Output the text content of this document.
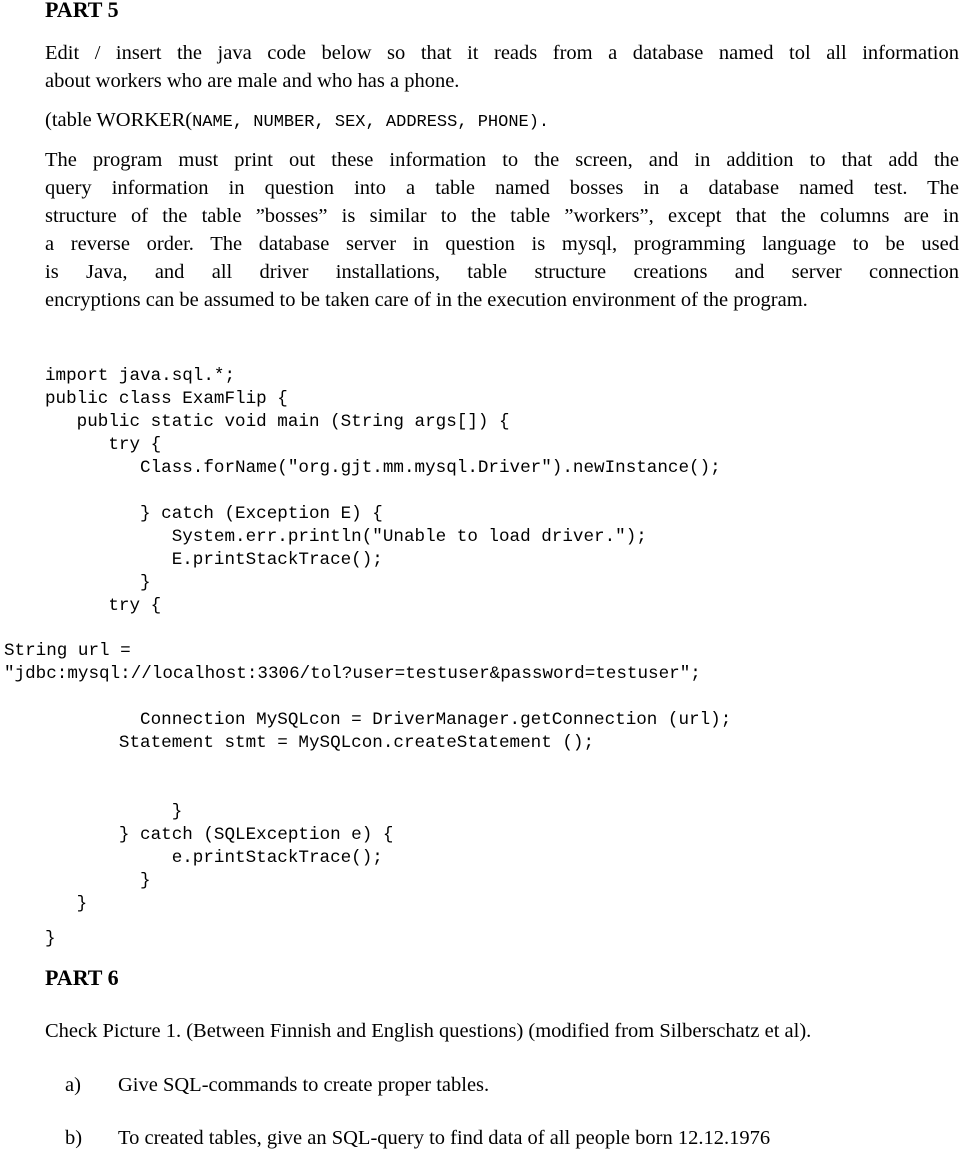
PART 5

Edit / insert the java code below so that it reads from a database named tol all information
about workers who are male and who has a phone.

(table WORKER(NAME, NUMBER, SEX, ADDRESS, PHONE).

The program must print out these information to the screen, and in addition to that add the
query information in question into a table named bosses in a database named test. The
structure of the table ”bosses” is similar to the table ”workers”, except that the columns are in
a reverse order. The database server in question is mysql, programming language to be used
is Java, and all driver installations, table structure creations and server connection
encryptions can be assumed to be taken care of in the execution environment of the program.

import java.sql.*;
public class ExamFlip {
public static void main (String args[]) {
try {
Class.forName("org.gjt.mm.mysql.Driver").newInstance();
} catch (Exception E) {
System.err.println("Unable to load driver.");
E.printStackTrace();
}
try {
String url =
"jdbc:mysql://localhost:3306/tol?user=testuser&password=testuser";
Connection MySQLcon = DriverManager.getConnection (url);
Statement stmt = MySQLcon.createStatement ();
}
} catch (SQLException e) {
e.printStackTrace();
}
}
}
PART 6

Check Picture 1. (Between Finnish and English questions) (modified from Silberschatz et al).

a) Give SQL-commands to create proper tables.
b) To created tables, give an SQL-query to find data of all people born 12.12.1976
